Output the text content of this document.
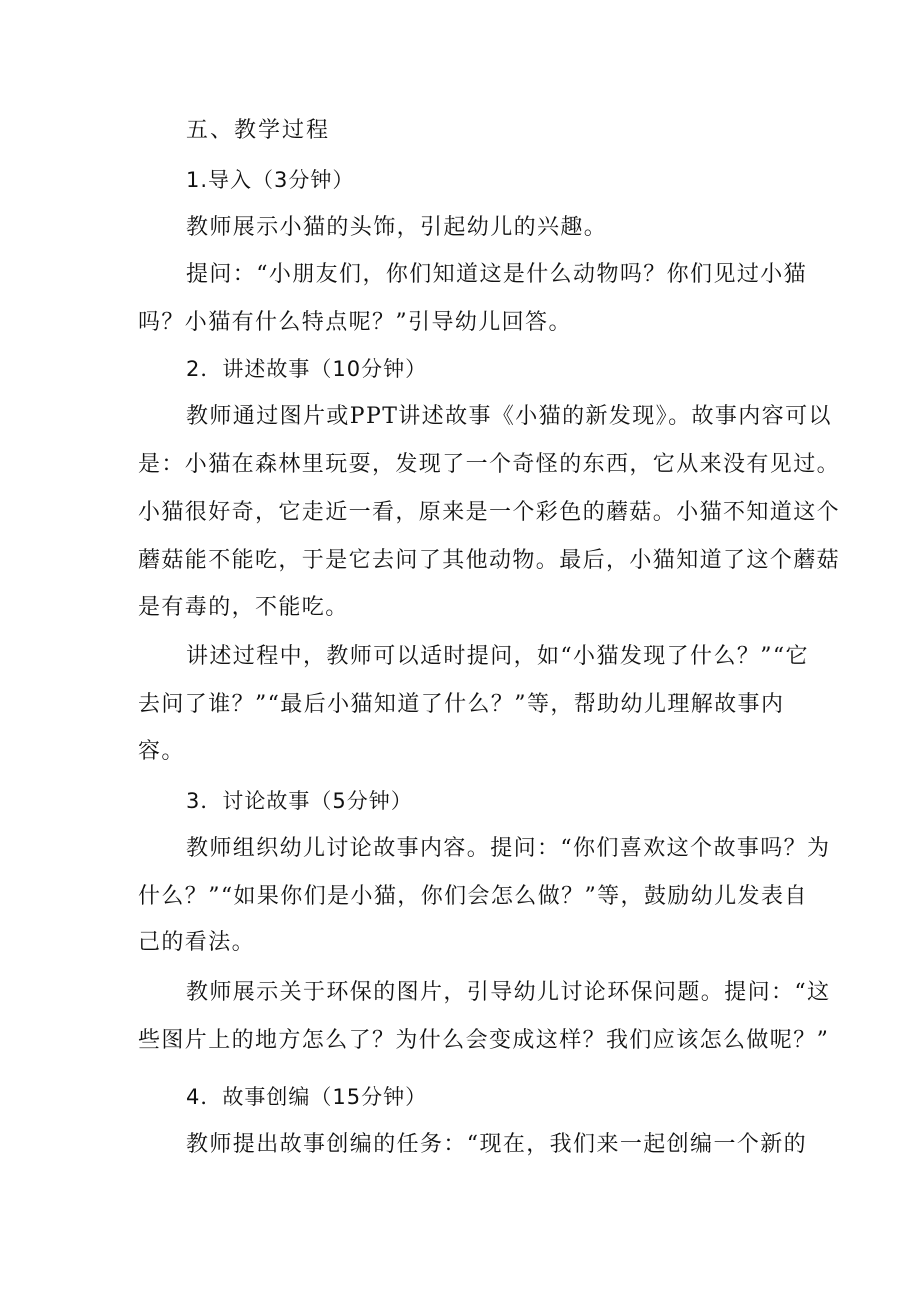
五、教学过程

1.导入（3分钟）

教师展示小猫的头饰，引起幼儿的兴趣。

提问：“小朋友们，你们知道这是什么动物吗？你们见过小猫

吗？小猫有什么特点呢？”引导幼儿回答。

2．讲述故事（10分钟）

教师通过图片或PPT讲述故事《小猫的新发现》。故事内容可以

是：小猫在森林里玩耍，发现了一个奇怪的东西，它从来没有见过。

小猫很好奇，它走近一看，原来是一个彩色的蘑菇。小猫不知道这个

蘑菇能不能吃，于是它去问了其他动物。最后，小猫知道了这个蘑菇

是有毒的，不能吃。

讲述过程中，教师可以适时提问，如“小猫发现了什么？”“它

去问了谁？”“最后小猫知道了什么？”等，帮助幼儿理解故事内

容。

3．讨论故事（5分钟）

教师组织幼儿讨论故事内容。提问：“你们喜欢这个故事吗？为

什么？”“如果你们是小猫，你们会怎么做？”等，鼓励幼儿发表自

己的看法。

教师展示关于环保的图片，引导幼儿讨论环保问题。提问：“这

些图片上的地方怎么了？为什么会变成这样？我们应该怎么做呢？”

4．故事创编（15分钟）

教师提出故事创编的任务：“现在，我们来一起创编一个新的
